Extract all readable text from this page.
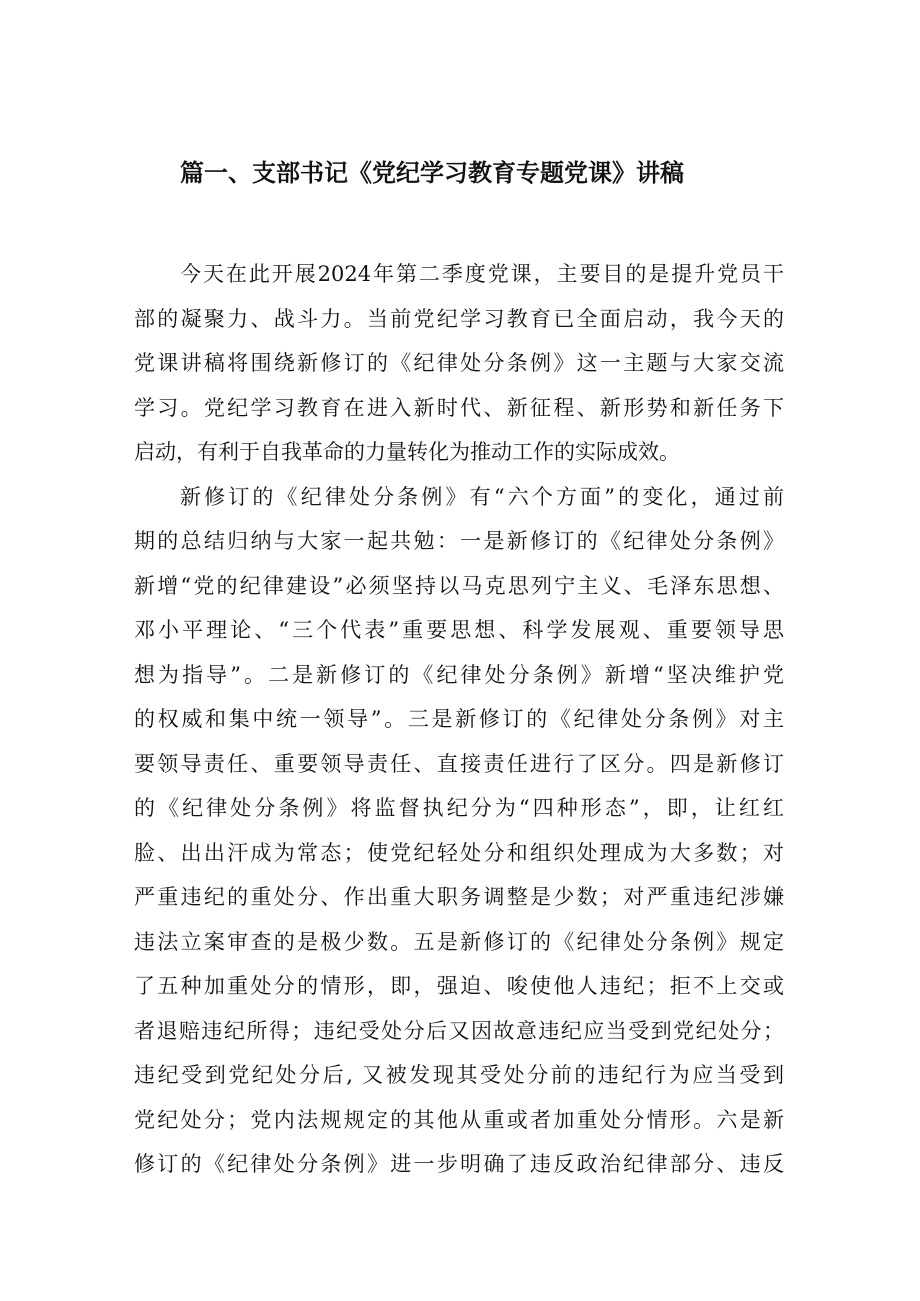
篇一、支部书记《党纪学习教育专题党课》讲稿
今天在此开展2024年第二季度党课，主要目的是提升党员干
部的凝聚力、战斗力。当前党纪学习教育已全面启动，我今天的
党课讲稿将围绕新修订的《纪律处分条例》这一主题与大家交流
学习。党纪学习教育在进入新时代、新征程、新形势和新任务下
启动，有利于自我革命的力量转化为推动工作的实际成效。
新修订的《纪律处分条例》有“六个方面”的变化，通过前
期的总结归纳与大家一起共勉：一是新修订的《纪律处分条例》
新增“党的纪律建设”必须坚持以马克思列宁主义、毛泽东思想、
邓小平理论、“三个代表”重要思想、科学发展观、重要领导思
想为指导”。二是新修订的《纪律处分条例》新增“坚决维护党
的权威和集中统一领导”。三是新修订的《纪律处分条例》对主
要领导责任、重要领导责任、直接责任进行了区分。四是新修订
的《纪律处分条例》将监督执纪分为“四种形态”，即，让红红
脸、出出汗成为常态；使党纪轻处分和组织处理成为大多数；对
严重违纪的重处分、作出重大职务调整是少数；对严重违纪涉嫌
违法立案审查的是极少数。五是新修订的《纪律处分条例》规定
了五种加重处分的情形，即，强迫、唆使他人违纪；拒不上交或
者退赔违纪所得；违纪受处分后又因故意违纪应当受到党纪处分；
违纪受到党纪处分后, 又被发现其受处分前的违纪行为应当受到
党纪处分；党内法规规定的其他从重或者加重处分情形。六是新
修订的《纪律处分条例》进一步明确了违反政治纪律部分、违反
